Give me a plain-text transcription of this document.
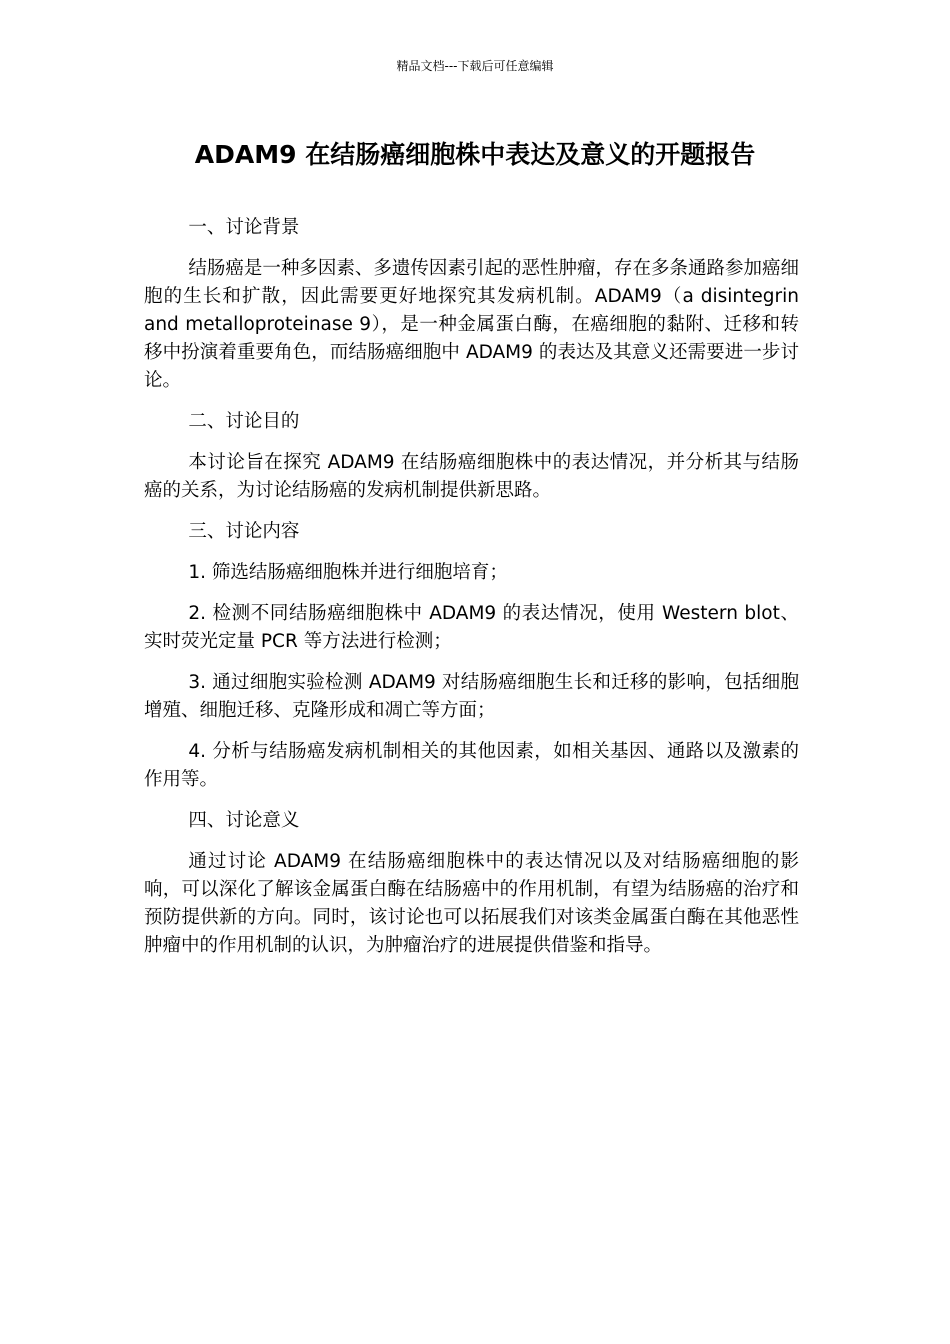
精品文档---下载后可任意编辑
ADAM9 在结肠癌细胞株中表达及意义的开题报告

一、讨论背景

结肠癌是一种多因素、多遗传因素引起的恶性肿瘤，存在多条通路参加癌细胞的生长和扩散，因此需要更好地探究其发病机制。ADAM9（a disintegrin and metalloproteinase 9），是一种金属蛋白酶，在癌细胞的黏附、迁移和转移中扮演着重要角色，而结肠癌细胞中 ADAM9 的表达及其意义还需要进一步讨论。

二、讨论目的

本讨论旨在探究 ADAM9 在结肠癌细胞株中的表达情况，并分析其与结肠癌的关系，为讨论结肠癌的发病机制提供新思路。

三、讨论内容

1. 筛选结肠癌细胞株并进行细胞培育；

2. 检测不同结肠癌细胞株中 ADAM9 的表达情况，使用 Western blot、实时荧光定量 PCR 等方法进行检测；

3. 通过细胞实验检测 ADAM9 对结肠癌细胞生长和迁移的影响，包括细胞增殖、细胞迁移、克隆形成和凋亡等方面；

4. 分析与结肠癌发病机制相关的其他因素，如相关基因、通路以及激素的作用等。

四、讨论意义

通过讨论 ADAM9 在结肠癌细胞株中的表达情况以及对结肠癌细胞的影响，可以深化了解该金属蛋白酶在结肠癌中的作用机制，有望为结肠癌的治疗和预防提供新的方向。同时，该讨论也可以拓展我们对该类金属蛋白酶在其他恶性肿瘤中的作用机制的认识，为肿瘤治疗的进展提供借鉴和指导。
